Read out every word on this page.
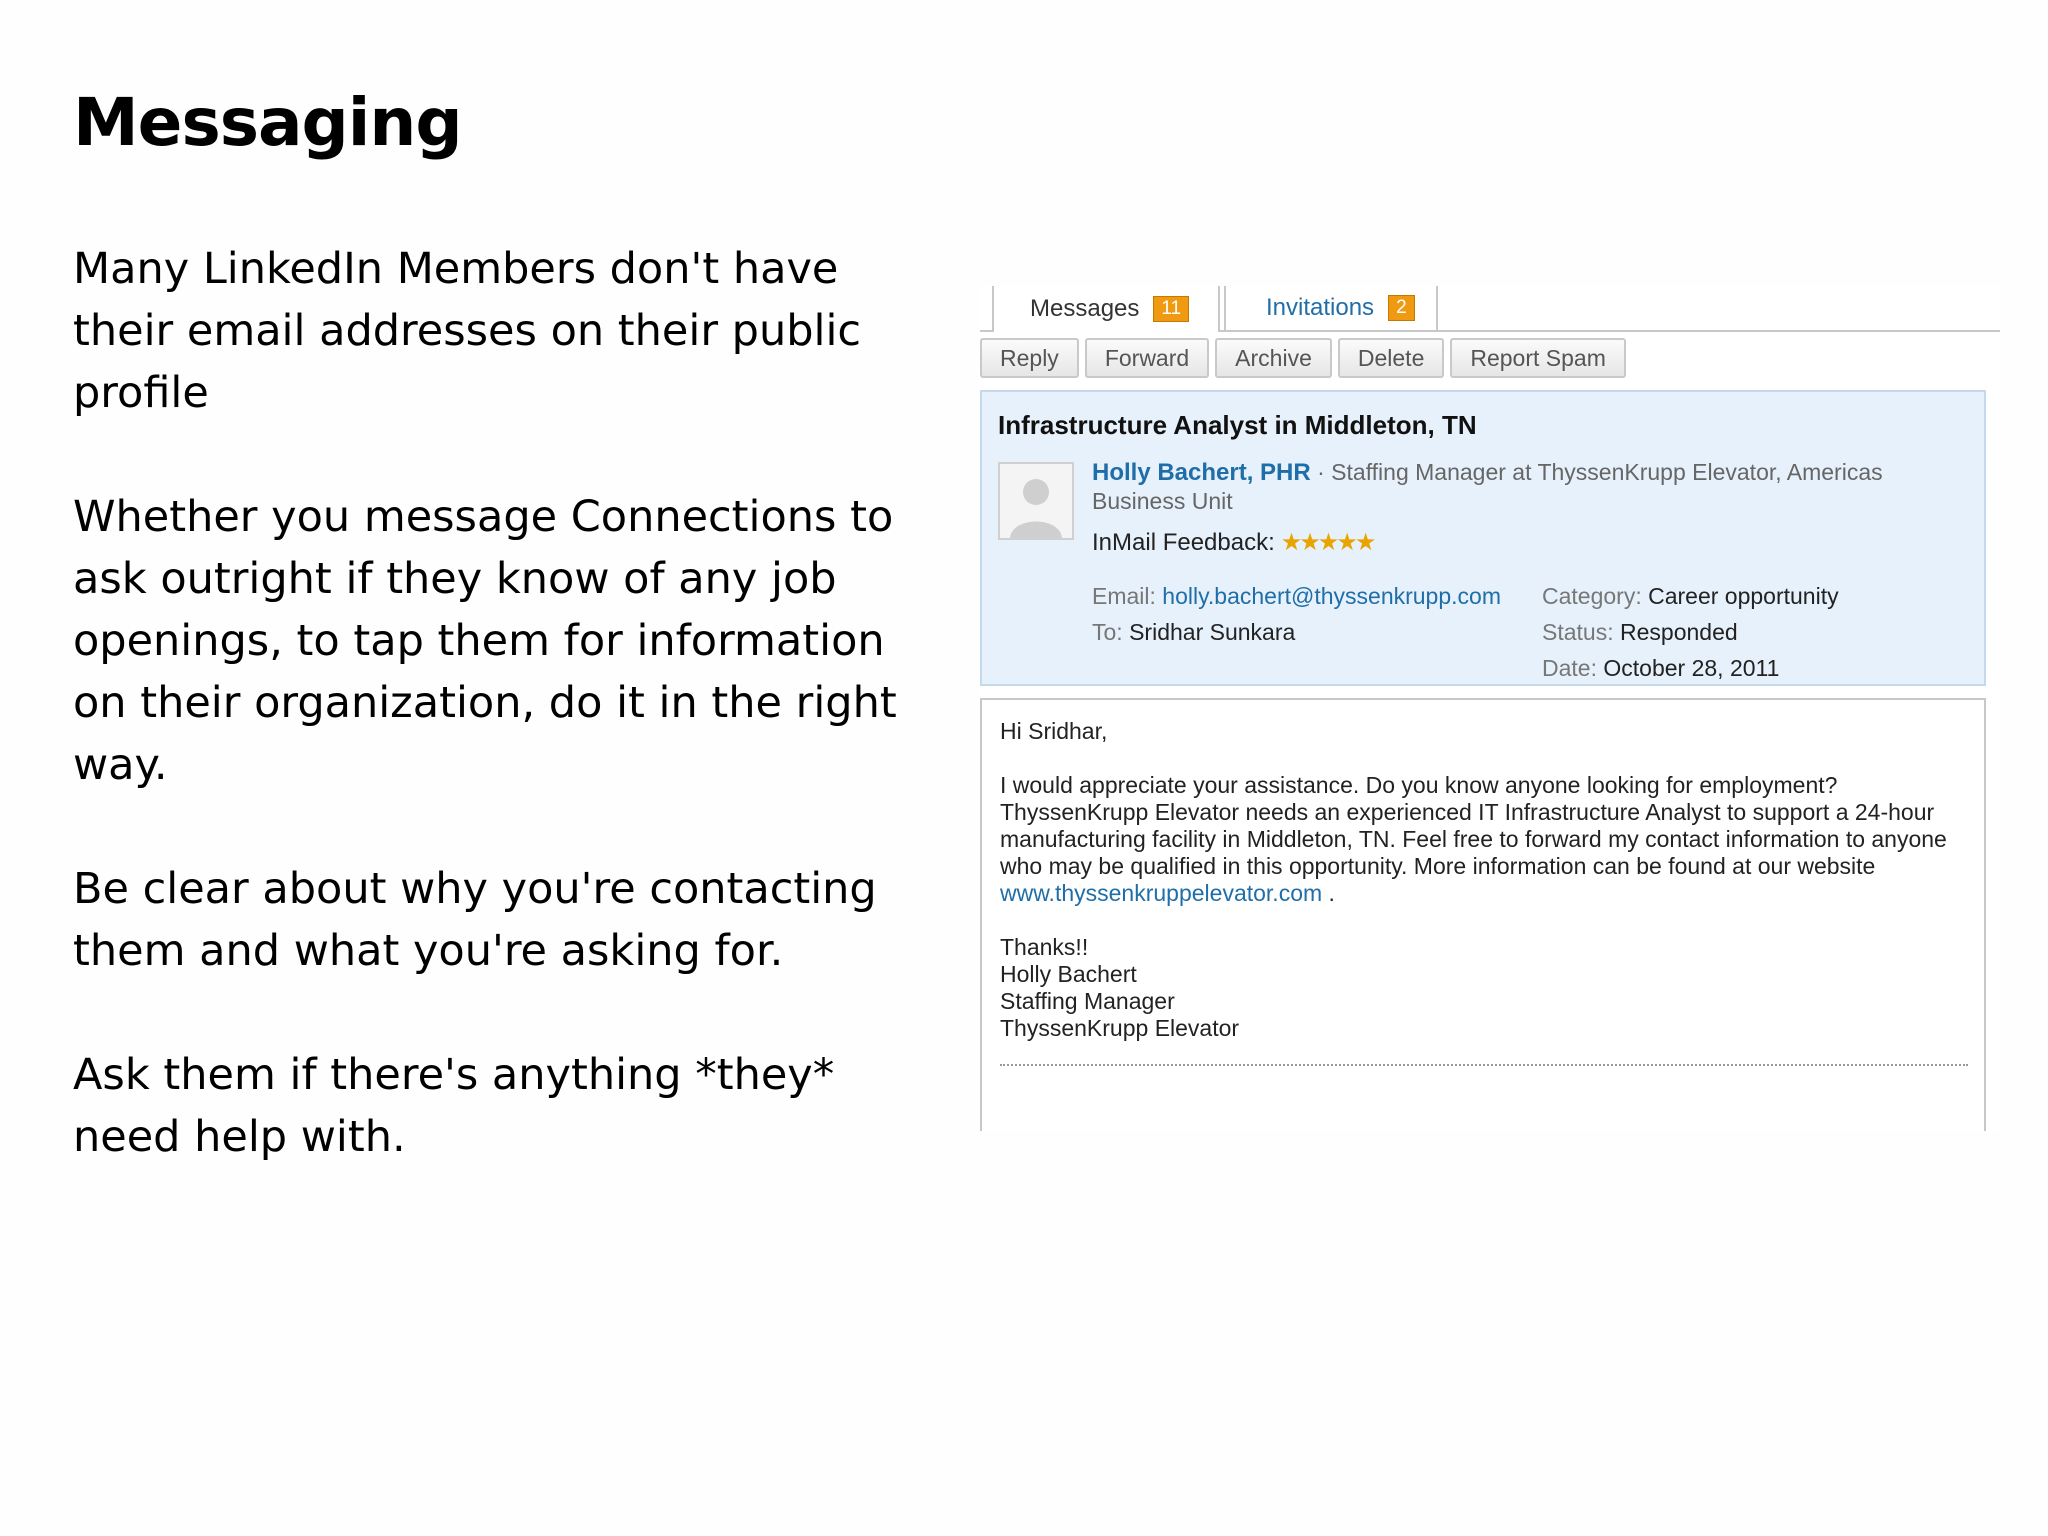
Messaging

Many LinkedIn Members don't have their email addresses on their public profile

Whether you message Connections to ask outright if they know of any job openings, to tap them for information on their organization, do it in the right way.

Be clear about why you're contacting them and what you're asking for.

Ask them if there's anything *they* need help with.

Messages	11	Invitations	2
Reply	Forward	Archive	Delete	Report Spam
Infrastructure Analyst in Middleton, TN
Holly Bachert, PHR · Staffing Manager at ThyssenKrupp Elevator, Americas Business Unit
InMail Feedback: ★★★★★
Email: holly.bachert@thyssenkrupp.com
To: Sridhar Sunkara
Category: Career opportunity
Status: Responded
Date: October 28, 2011

Hi Sridhar,

I would appreciate your assistance. Do you know anyone looking for employment? ThyssenKrupp Elevator needs an experienced IT Infrastructure Analyst to support a 24-hour manufacturing facility in Middleton, TN. Feel free to forward my contact information to anyone who may be qualified in this opportunity. More information can be found at our website
www.thyssenkruppelevator.com .

Thanks!!
Holly Bachert
Staffing Manager
ThyssenKrupp Elevator
